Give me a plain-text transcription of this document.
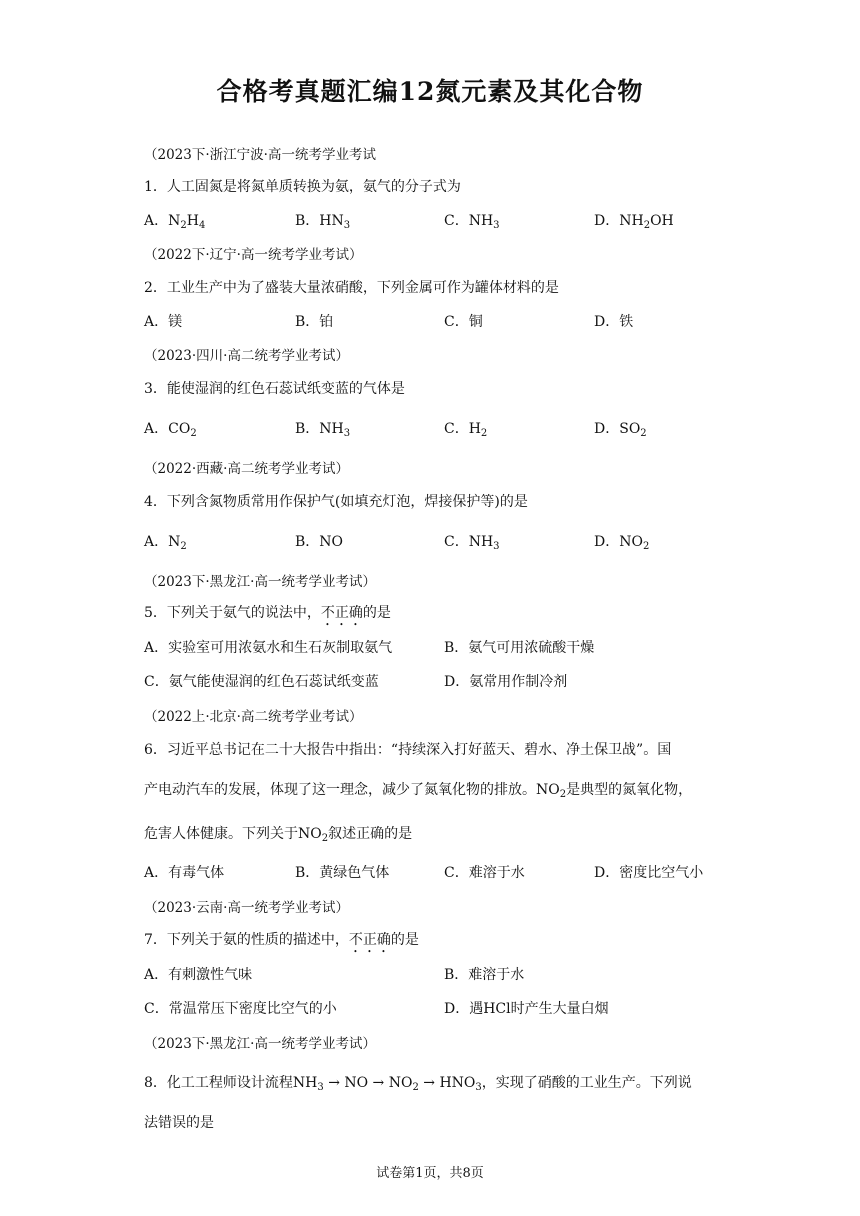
合格考真题汇编12氮元素及其化合物
（2023下·浙江宁波·高一统考学业考试
1．人工固氮是将氮单质转换为氨，氨气的分子式为
A．$N_2H_4$	B．$HN_3$	C．$NH_3$	D．$NH_2OH$
（2022下·辽宁·高一统考学业考试）
2．工业生产中为了盛装大量浓硝酸，下列金属可作为罐体材料的是
A．镁	B．铂	C．铜	D．铁
（2023·四川·高二统考学业考试）
3．能使湿润的红色石蕊试纸变蓝的气体是
A．$CO_2$	B．$NH_3$	C．$H_2$	D．$SO_2$
（2022·西藏·高二统考学业考试）
4．下列含氮物质常用作保护气(如填充灯泡，焊接保护等)的是
A．$N_2$	B．NO	C．$NH_3$	D．$NO_2$
（2023下·黑龙江·高一统考学业考试）
5．下列关于氨气的说法中，不正确的是
A．实验室可用浓氨水和生石灰制取氨气	B．氨气可用浓硫酸干燥
C．氨气能使湿润的红色石蕊试纸变蓝	D．氨常用作制冷剂
（2022上·北京·高二统考学业考试）
6．习近平总书记在二十大报告中指出：“持续深入打好蓝天、碧水、净土保卫战”。国
产电动汽车的发展，体现了这一理念，减少了氮氧化物的排放。$NO_2$是典型的氮氧化物，
危害人体健康。下列关于$NO_2$叙述正确的是
A．有毒气体	B．黄绿色气体	C．难溶于水	D．密度比空气小
（2023·云南·高一统考学业考试）
7．下列关于氨的性质的描述中，不正确的是
A．有刺激性气味	B．难溶于水
C．常温常压下密度比空气的小	D．遇HCl时产生大量白烟
（2023下·黑龙江·高一统考学业考试）
8．化工工程师设计流程$NH_3$ → NO → $NO_2 \to HNO_3$，实现了硝酸的工业生产。下列说
法错误的是
试卷第1页，共8页
